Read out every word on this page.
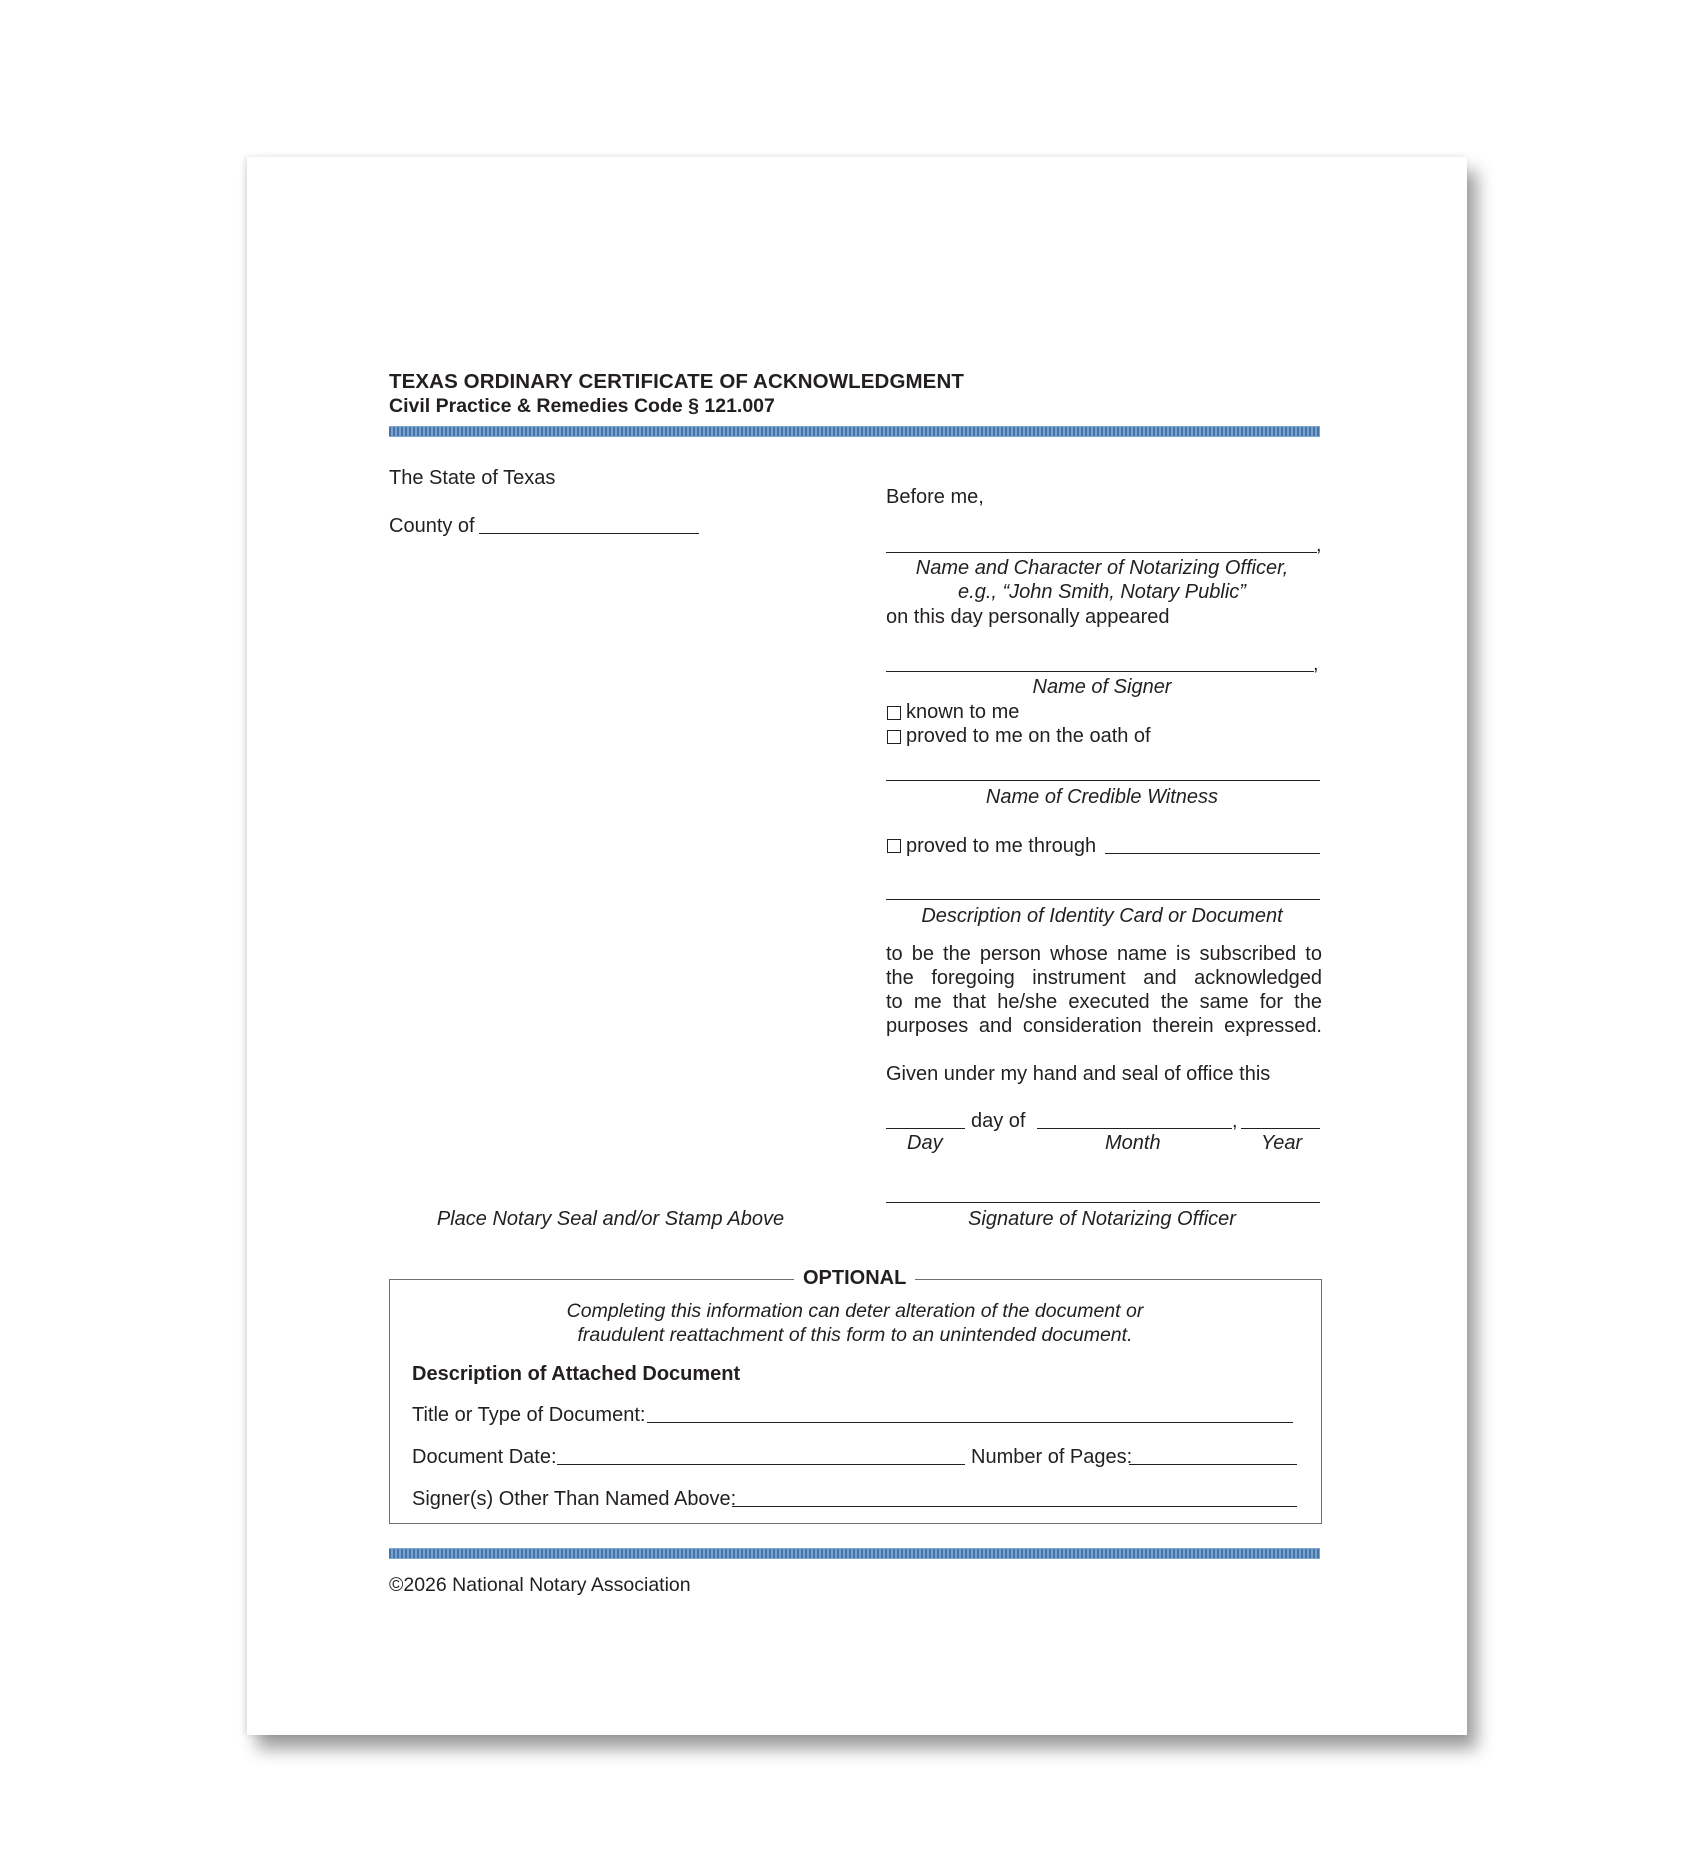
TEXAS ORDINARY CERTIFICATE OF ACKNOWLEDGMENT
Civil Practice & Remedies Code § 121.007
The State of Texas
County of
Before me,
,
Name and Character of Notarizing Officer,
e.g., “John Smith, Notary Public”
on this day personally appeared
,
Name of Signer
known to me
proved to me on the oath of
Name of Credible Witness
proved to me through
Description of Identity Card or Document
to be the person whose name is subscribed to
the foregoing instrument and acknowledged
to me that he/she executed the same for the
purposes and consideration therein expressed.
Given under my hand and seal of office this
day of	,
Day	Month	Year
Signature of Notarizing Officer
Place Notary Seal and/or Stamp Above
OPTIONAL
Completing this information can deter alteration of the document or
fraudulent reattachment of this form to an unintended document.
Description of Attached Document
Title or Type of Document:
Document Date:	Number of Pages:
Signer(s) Other Than Named Above:
©2026 National Notary Association
